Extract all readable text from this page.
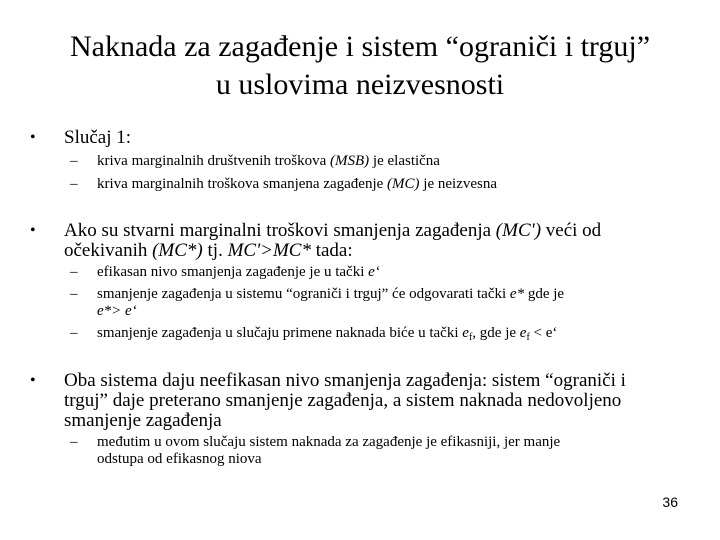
Naknada za zagađenje i sistem “ograniči i trguj”
u uslovima neizvesnosti
• Slučaj 1:
– kriva marginalnih društvenih troškova (MSB) je elastična
– kriva marginalnih troškova smanjena zagađenje (MC) je neizvesna
• Ako su stvarni marginalni troškovi smanjenja zagađenja (MC') veći od
očekivanih (MC*) tj. MC'>MC* tada:
– efikasan nivo smanjenja zagađenje je u tački e‘
– smanjenje zagađenja u sistemu “ograniči i trguj” će odgovarati tački e* gde je
e*> e‘
– smanjenje zagađenja u slučaju primene naknada biće u tački $e_f$, gde je $e_f$ < e‘
• Oba sistema daju neefikasan nivo smanjenja zagađenja: sistem “ograniči i
trguj” daje preterano smanjenje zagađenja, a sistem naknada nedovoljeno
smanjenje zagađenja
– međutim u ovom slučaju sistem naknada za zagađenje je efikasniji, jer manje
odstupa od efikasnog niova
36
